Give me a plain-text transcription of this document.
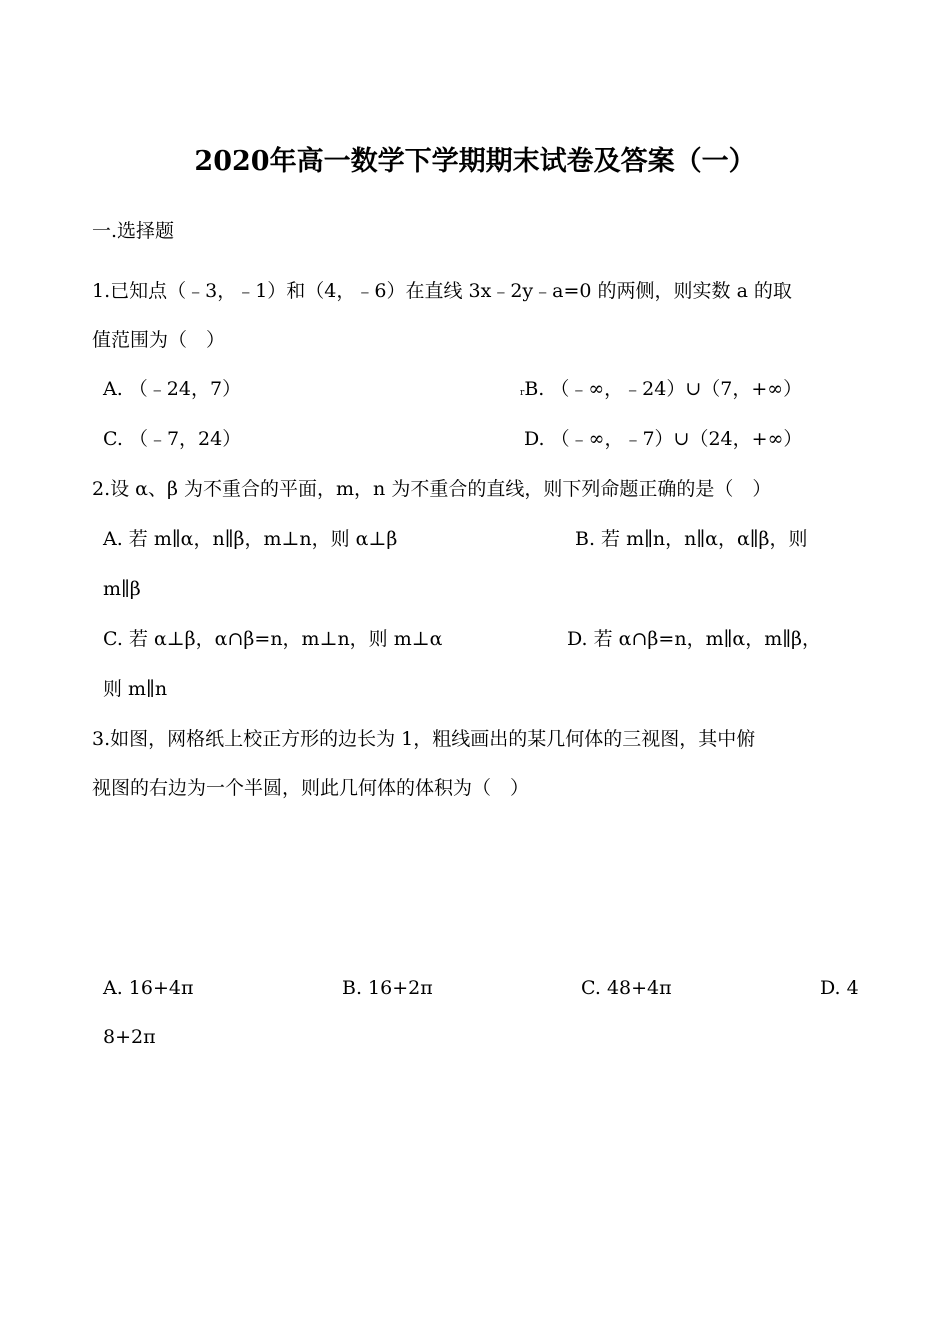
2020年高一数学下学期期末试卷及答案（一）
一.选择题
1.已知点（﹣3，﹣1）和（4，﹣6）在直线 3x﹣2y﹣a=0 的两侧，则实数 a 的取
值范围为（　）
A. （﹣24，7）	rB. （﹣∞，﹣24）∪（7，+∞）
C. （﹣7，24）	D. （﹣∞，﹣7）∪（24，+∞）
2.设 α、β 为不重合的平面，m，n 为不重合的直线，则下列命题正确的是（　）
A. 若 m∥α，n∥β，m⊥n，则 α⊥β	B. 若 m∥n，n∥α，α∥β，则
m∥β
C. 若 α⊥β，α∩β=n，m⊥n，则 m⊥α	D. 若 α∩β=n，m∥α，m∥β，
则 m∥n
3.如图，网格纸上校正方形的边长为 1，粗线画出的某几何体的三视图，其中俯
视图的右边为一个半圆，则此几何体的体积为（　）
A. 16+4π	B. 16+2π	C. 48+4π	D. 4
8+2π
